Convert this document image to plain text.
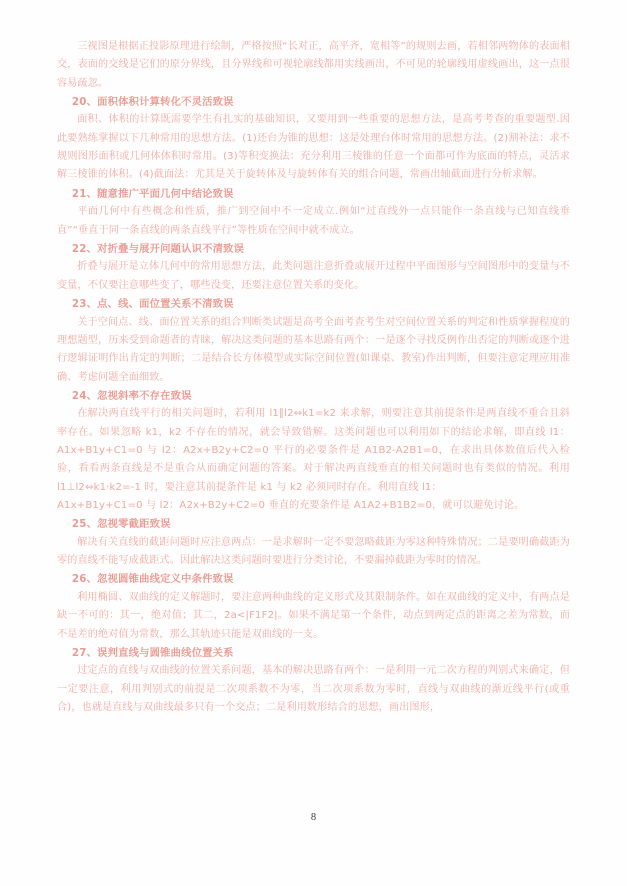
三视图是根据正投影原理进行绘制，严格按照“长对正，高平齐，宽相等”的规则去画，若相邻两物体的表面相交，表面的交线是它们的原分界线，且分界线和可视轮廓线都用实线画出，不可见的轮廓线用虚线画出，这一点很容易疏忽。

20、面积体积计算转化不灵活致误

面积、体积的计算既需要学生有扎实的基础知识，又要用到一些重要的思想方法，是高考考查的重要题型.因此要熟练掌握以下几种常用的思想方法。(1)还台为锥的思想：这是处理台体时常用的思想方法。(2)割补法：求不规则图形面积或几何体体积时常用。(3)等积变换法：充分利用三棱锥的任意一个面都可作为底面的特点，灵活求解三棱锥的体积。(4)截面法：尤其是关于旋转体及与旋转体有关的组合问题，常画出轴截面进行分析求解。

21、随意推广平面几何中结论致误

平面几何中有些概念和性质，推广到空间中不一定成立.例如“过直线外一点只能作一条直线与已知直线垂直”“垂直于同一条直线的两条直线平行”等性质在空间中就不成立。

22、对折叠与展开问题认识不清致误

折叠与展开是立体几何中的常用思想方法，此类问题注意折叠或展开过程中平面图形与空间图形中的变量与不变量，不仅要注意哪些变了，哪些没变，还要注意位置关系的变化。

23、点、线、面位置关系不清致误

关于空间点、线、面位置关系的组合判断类试题是高考全面考查考生对空间位置关系的判定和性质掌握程度的理想题型，历来受到命题者的青睐，解决这类问题的基本思路有两个：一是逐个寻找反例作出否定的判断或逐个进行逻辑证明作出肯定的判断；二是结合长方体模型或实际空间位置(如课桌、教室)作出判断，但要注意定理应用准确、考虑问题全面细致。

24、忽视斜率不存在致误

在解决两直线平行的相关问题时，若利用 l1∥l2⇔k1=k2 来求解，则要注意其前提条件是两直线不重合且斜率存在。如果忽略 k1，k2 不存在的情况，就会导致错解。这类问题也可以利用如下的结论求解，即直线 l1：A1x+B1y+C1=0 与 l2：A2x+B2y+C2=0 平行的必要条件是 A1B2-A2B1=0，在求出具体数值后代入检验，看看两条直线是不是重合从而确定问题的答案。对于解决两直线垂直的相关问题时也有类似的情况。利用 l1⊥l2⇔k1·k2=-1 时，要注意其前提条件是 k1 与 k2 必须同时存在。利用直线 l1：

A1x+B1y+C1=0 与 l2：A2x+B2y+C2=0 垂直的充要条件是 A1A2+B1B2=0，就可以避免讨论。

25、忽视零截距致误

解决有关直线的截距问题时应注意两点：一是求解时一定不要忽略截距为零这种特殊情况；二是要明确截距为零的直线不能写成截距式。因此解决这类问题时要进行分类讨论，不要漏掉截距为零时的情况。

26、忽视圆锥曲线定义中条件致误

利用椭圆、双曲线的定义解题时，要注意两种曲线的定义形式及其限制条件。如在双曲线的定义中，有两点是缺一不可的：其一，绝对值；其二，2a<|F1F2|。如果不满足第一个条件，动点到两定点的距离之差为常数，而不是差的绝对值为常数，那么其轨迹只能是双曲线的一支。

27、误判直线与圆锥曲线位置关系

过定点的直线与双曲线的位置关系问题，基本的解决思路有两个：一是利用一元二次方程的判别式来确定，但一定要注意，利用判别式的前提是二次项系数不为零，当二次项系数为零时，直线与双曲线的渐近线平行(或重合)，也就是直线与双曲线最多只有一个交点；二是利用数形结合的思想，画出图形，

8
